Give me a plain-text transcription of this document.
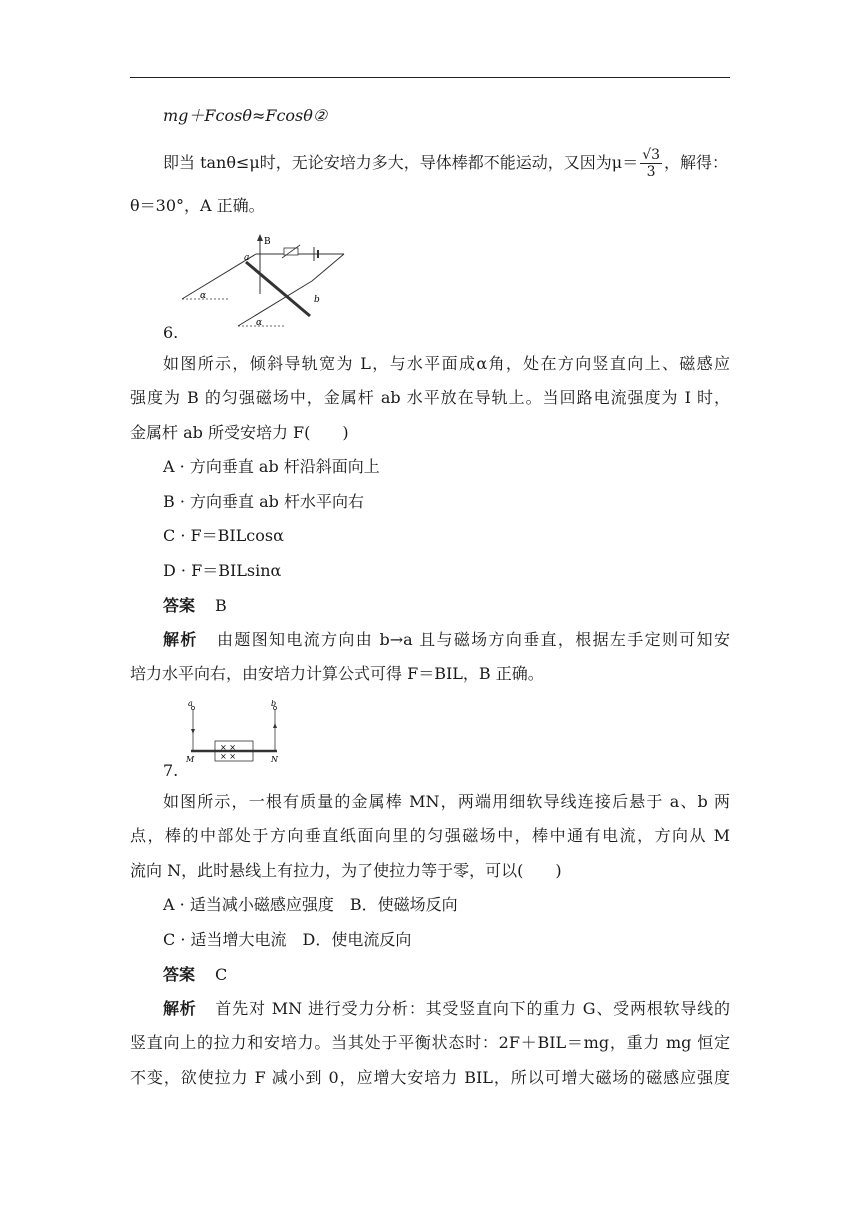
mg＋Fcosθ≈Fcosθ②
即当 tanθ≤μ时，无论安培力多大，导体棒都不能运动，又因为$\mu= \frac{√3}{3}$ ，解得：
θ＝30°，A 正确。
B
a
b
α
α
6.
如图所示，倾斜导轨宽为 L，与水平面成α角，处在方向竖直向上、磁感应
强度为 B 的匀强磁场中，金属杆 ab 水平放在导轨上。当回路电流强度为 I 时，
金属杆 ab 所受安培力 F(　　)
A · 方向垂直 ab 杆沿斜面向上
B · 方向垂直 ab 杆水平向右
C · F＝BILcosα
D · F＝BILsinα
答案 B
解析 由题图知电流方向由 b→a 且与磁场方向垂直，根据左手定则可知安
培力水平向右，由安培力计算公式可得 F＝BIL，B 正确。
a	b
M	N
× ×
× ×
7.
如图所示，一根有质量的金属棒 MN，两端用细软导线连接后悬于 a、b 两
点，棒的中部处于方向垂直纸面向里的匀强磁场中，棒中通有电流，方向从 M
流向 N，此时悬线上有拉力，为了使拉力等于零，可以(　　)
A · 适当减小磁感应强度　B．使磁场反向
C · 适当增大电流　D．使电流反向
答案 C
解析 首先对 MN 进行受力分析：其受竖直向下的重力 G、受两根软导线的
竖直向上的拉力和安培力。当其处于平衡状态时：2F＋BIL＝mg，重力 mg 恒定
不变，欲使拉力 F 减小到 0，应增大安培力 BIL，所以可增大磁场的磁感应强度
